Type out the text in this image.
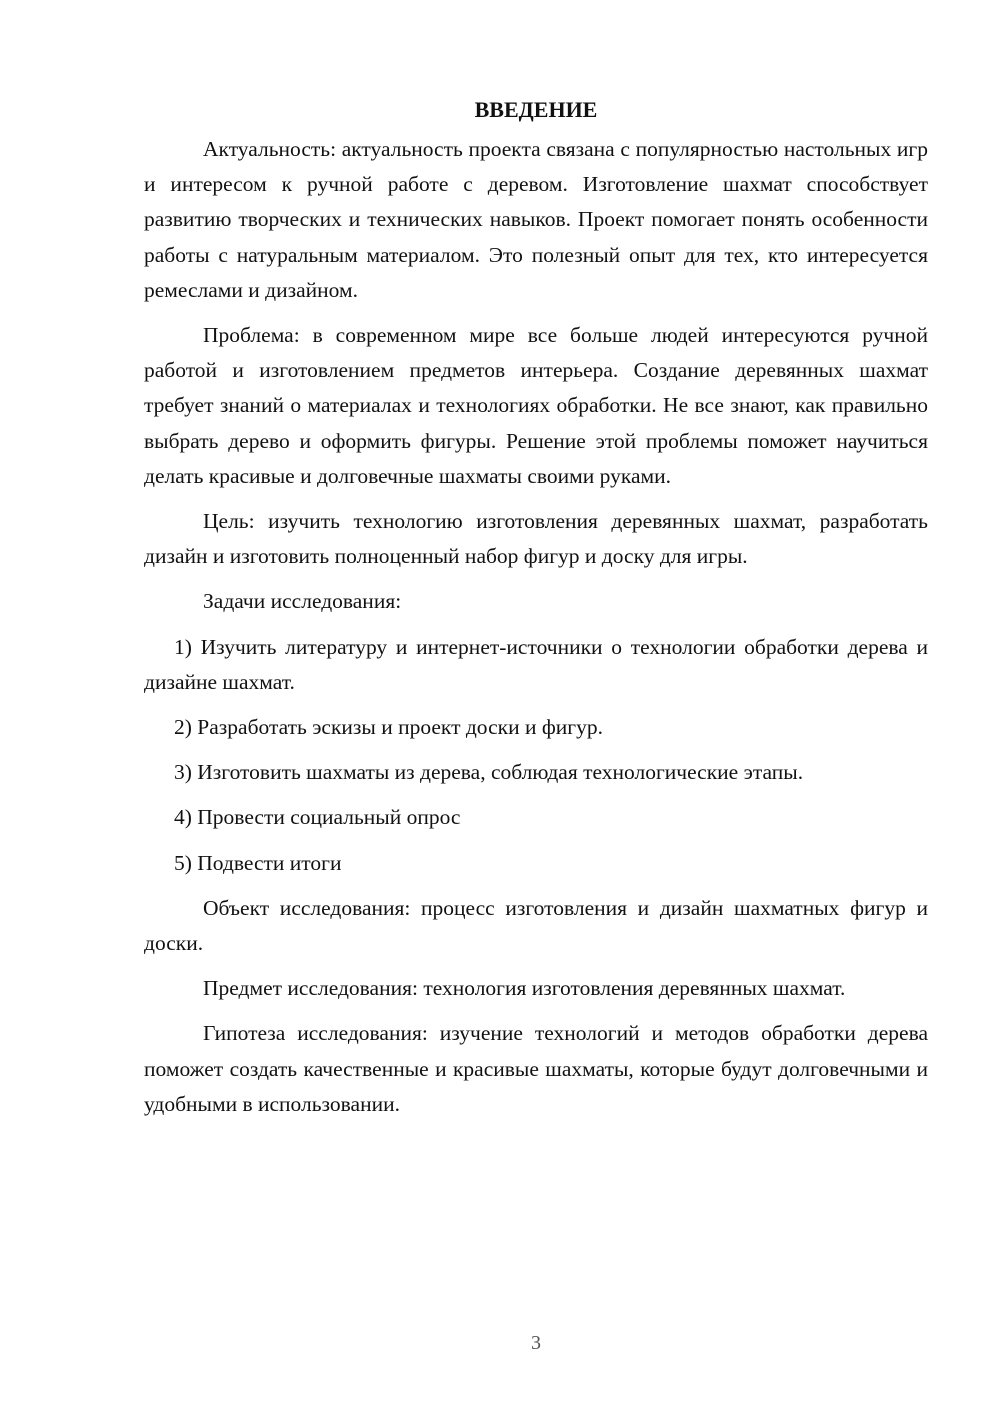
ВВЕДЕНИЕ

Актуальность: актуальность проекта связана с популярностью настольных игр и интересом к ручной работе с деревом. Изготовление шахмат способствует развитию творческих и технических навыков. Проект помогает понять особенности работы с натуральным материалом. Это полезный опыт для тех, кто интересуется ремеслами и дизайном.

Проблема: в современном мире все больше людей интересуются ручной работой и изготовлением предметов интерьера. Создание деревянных шахмат требует знаний о материалах и технологиях обработки. Не все знают, как правильно выбрать дерево и оформить фигуры. Решение этой проблемы поможет научиться делать красивые и долговечные шахматы своими руками.

Цель: изучить технологию изготовления деревянных шахмат, разработать дизайн и изготовить полноценный набор фигур и доску для игры.

Задачи исследования:

1) Изучить литературу и интернет-источники о технологии обработки дерева и дизайне шахмат.

2) Разработать эскизы и проект доски и фигур.

3) Изготовить шахматы из дерева, соблюдая технологические этапы.

4) Провести социальный опрос

5) Подвести итоги

Объект исследования: процесс изготовления и дизайн шахматных фигур и доски.

Предмет исследования: технология изготовления деревянных шахмат.

Гипотеза исследования: изучение технологий и методов обработки дерева поможет создать качественные и красивые шахматы, которые будут долговечными и удобными в использовании.

3
